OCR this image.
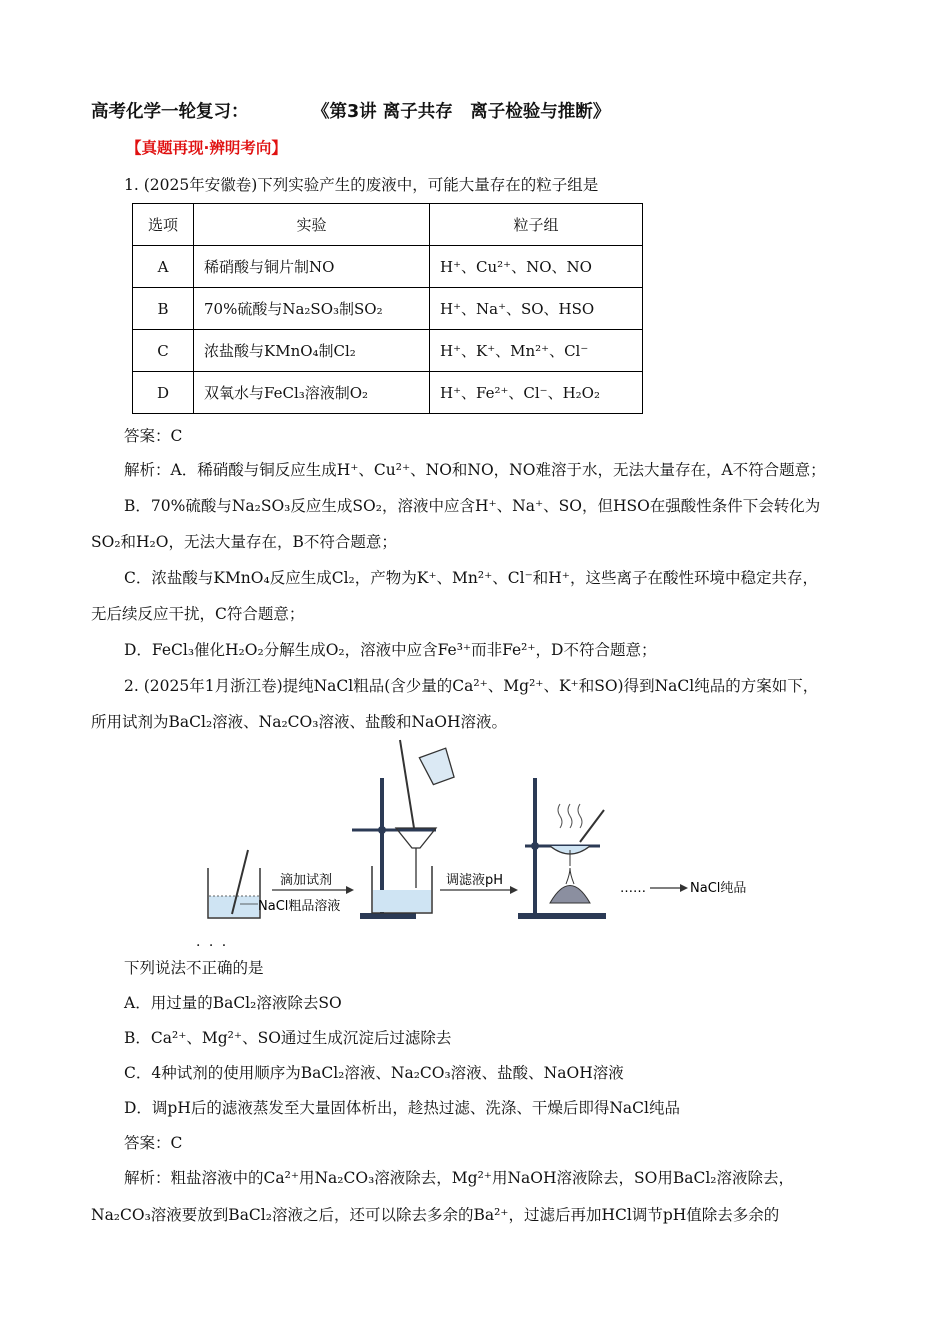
高考化学一轮复习：	《第3讲 离子共存　离子检验与推断》
【真题再现·辨明考向】
1. (2025年安徽卷)下列实验产生的废液中，可能大量存在的粒子组是
选项	实验	粒子组
A	稀硝酸与铜片制NO	H⁺、Cu²⁺、NO、NO
B	70%硫酸与Na₂SO₃制SO₂	H⁺、Na⁺、SO、HSO
C	浓盐酸与KMnO₄制Cl₂	H⁺、K⁺、Mn²⁺、Cl⁻
D	双氧水与FeCl₃溶液制O₂	H⁺、Fe²⁺、Cl⁻、H₂O₂
答案：C
解析：A．稀硝酸与铜反应生成H⁺、Cu²⁺、NO和NO，NO难溶于水，无法大量存在，A不符合题意；
B．70%硫酸与Na₂SO₃反应生成SO₂，溶液中应含H⁺、Na⁺、SO，但HSO在强酸性条件下会转化为
SO₂和H₂O，无法大量存在，B不符合题意；
C．浓盐酸与KMnO₄反应生成Cl₂，产物为K⁺、Mn²⁺、Cl⁻和H⁺，这些离子在酸性环境中稳定共存，
无后续反应干扰，C符合题意；
D．FeCl₃催化H₂O₂分解生成O₂，溶液中应含Fe³⁺而非Fe²⁺，D不符合题意；
2. (2025年1月浙江卷)提纯NaCl粗品(含少量的Ca²⁺、Mg²⁺、K⁺和SO)得到NaCl纯品的方案如下，
所用试剂为BaCl₂溶液、Na₂CO₃溶液、盐酸和NaOH溶液。
NaCl粗品溶液
滴加试剂	调滤液pH
……	NaCl纯品
· · ·
下列说法不正确的是
A．用过量的BaCl₂溶液除去SO
B．Ca²⁺、Mg²⁺、SO通过生成沉淀后过滤除去
C．4种试剂的使用顺序为BaCl₂溶液、Na₂CO₃溶液、盐酸、NaOH溶液
D．调pH后的滤液蒸发至大量固体析出，趁热过滤、洗涤、干燥后即得NaCl纯品
答案：C
解析：粗盐溶液中的Ca²⁺用Na₂CO₃溶液除去，Mg²⁺用NaOH溶液除去，SO用BaCl₂溶液除去，
Na₂CO₃溶液要放到BaCl₂溶液之后，还可以除去多余的Ba²⁺，过滤后再加HCl调节pH值除去多余的
